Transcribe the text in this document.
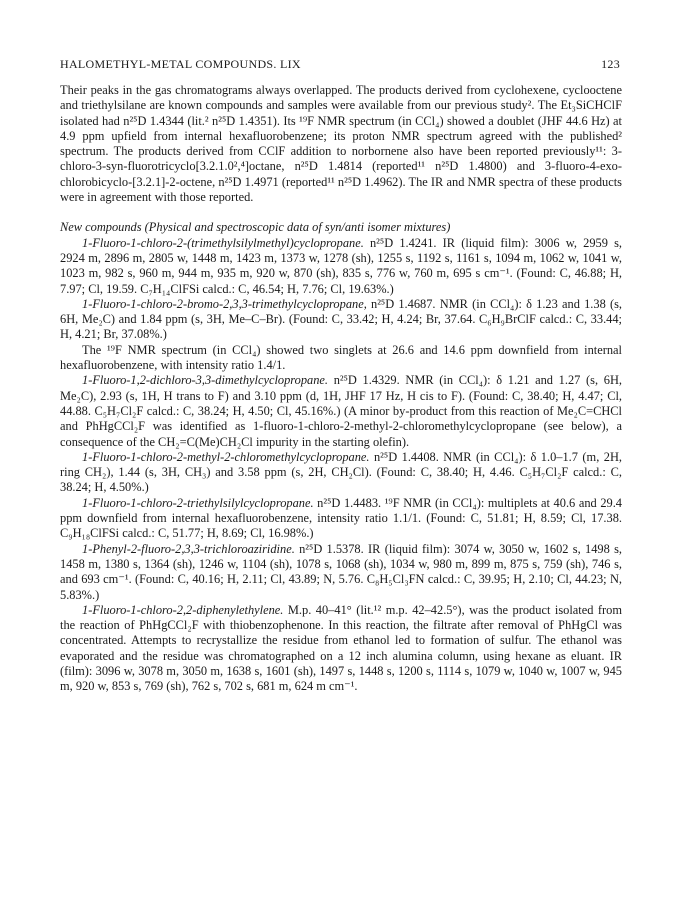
HALOMETHYL-METAL COMPOUNDS. LIX	123

Their peaks in the gas chromatograms always overlapped. The products derived from cyclohexene, cyclooctene and triethylsilane are known compounds and samples were available from our previous study². The Et₃SiCHClF isolated had n²⁵D 1.4344 (lit.² n²⁵D 1.4351). Its ¹⁹F NMR spectrum (in CCl₄) showed a doublet (JHF 44.6 Hz) at 4.9 ppm upfield from internal hexafluorobenzene; its proton NMR spectrum agreed with the published² spectrum. The products derived from CClF addition to norbornene also have been reported previously¹¹: 3-chloro-3-syn-fluorotricyclo[3.2.1.0²,⁴]octane, n²⁵D 1.4814 (reported¹¹ n²⁵D 1.4800) and 3-fluoro-4-exo-chlorobicyclo-[3.2.1]-2-octene, n²⁵D 1.4971 (reported¹¹ n²⁵D 1.4962). The IR and NMR spectra of these products were in agreement with those reported.

New compounds (Physical and spectroscopic data of syn/anti isomer mixtures)

1-Fluoro-1-chloro-2-(trimethylsilylmethyl)cyclopropane. n²⁵D 1.4241. IR (liquid film): 3006 w, 2959 s, 2924 m, 2896 m, 2805 w, 1448 m, 1423 m, 1373 w, 1278 (sh), 1255 s, 1192 s, 1161 s, 1094 m, 1062 w, 1041 w, 1023 m, 982 s, 960 m, 944 m, 935 m, 920 w, 870 (sh), 835 s, 776 w, 760 m, 695 s cm⁻¹. (Found: C, 46.88; H, 7.97; Cl, 19.59. C₇H₁₄ClFSi calcd.: C, 46.54; H, 7.76; Cl, 19.63%.)

1-Fluoro-1-chloro-2-bromo-2,3,3-trimethylcyclopropane, n²⁵D 1.4687. NMR (in CCl₄): δ 1.23 and 1.38 (s, 6H, Me₂C) and 1.84 ppm (s, 3H, Me–C–Br). (Found: C, 33.42; H, 4.24; Br, 37.64. C₆H₉BrClF calcd.: C, 33.44; H, 4.21; Br, 37.08%.)

The ¹⁹F NMR spectrum (in CCl₄) showed two singlets at 26.6 and 14.6 ppm downfield from internal hexafluorobenzene, with intensity ratio 1.4/1.

1-Fluoro-1,2-dichloro-3,3-dimethylcyclopropane. n²⁵D 1.4329. NMR (in CCl₄): δ 1.21 and 1.27 (s, 6H, Me₂C), 2.93 (s, 1H, H trans to F) and 3.10 ppm (d, 1H, JHF 17 Hz, H cis to F). (Found: C, 38.40; H, 4.47; Cl, 44.88. C₅H₇Cl₂F calcd.: C, 38.24; H, 4.50; Cl, 45.16%.) (A minor by-product from this reaction of Me₂C=CHCl and PhHgCCl₂F was identified as 1-fluoro-1-chloro-2-methyl-2-chloromethylcyclopropane (see below), a consequence of the CH₂=C(Me)CH₂Cl impurity in the starting olefin).

1-Fluoro-1-chloro-2-methyl-2-chloromethylcyclopropane. n²⁵D 1.4408. NMR (in CCl₄): δ 1.0–1.7 (m, 2H, ring CH₂), 1.44 (s, 3H, CH₃) and 3.58 ppm (s, 2H, CH₂Cl). (Found: C, 38.40; H, 4.46. C₅H₇Cl₂F calcd.: C, 38.24; H, 4.50%.)

1-Fluoro-1-chloro-2-triethylsilylcyclopropane. n²⁵D 1.4483. ¹⁹F NMR (in CCl₄): multiplets at 40.6 and 29.4 ppm downfield from internal hexafluorobenzene, intensity ratio 1.1/1. (Found: C, 51.81; H, 8.59; Cl, 17.38. C₉H₁₈ClFSi calcd.: C, 51.77; H, 8.69; Cl, 16.98%.)

1-Phenyl-2-fluoro-2,3,3-trichloroaziridine. n²⁵D 1.5378. IR (liquid film): 3074 w, 3050 w, 1602 s, 1498 s, 1458 m, 1380 s, 1364 (sh), 1246 w, 1104 (sh), 1078 s, 1068 (sh), 1034 w, 980 m, 899 m, 875 s, 759 (sh), 746 s, and 693 cm⁻¹. (Found: C, 40.16; H, 2.11; Cl, 43.89; N, 5.76. C₈H₅Cl₃FN calcd.: C, 39.95; H, 2.10; Cl, 44.23; N, 5.83%.)

1-Fluoro-1-chloro-2,2-diphenylethylene. M.p. 40–41° (lit.¹² m.p. 42–42.5°), was the product isolated from the reaction of PhHgCCl₂F with thiobenzophenone. In this reaction, the filtrate after removal of PhHgCl was concentrated. Attempts to recrystallize the residue from ethanol led to formation of sulfur. The ethanol was evaporated and the residue was chromatographed on a 12 inch alumina column, using hexane as eluant. IR (film): 3096 w, 3078 m, 3050 m, 1638 s, 1601 (sh), 1497 s, 1448 s, 1200 s, 1114 s, 1079 w, 1040 w, 1007 w, 945 m, 920 w, 853 s, 769 (sh), 762 s, 702 s, 681 m, 624 m cm⁻¹.
